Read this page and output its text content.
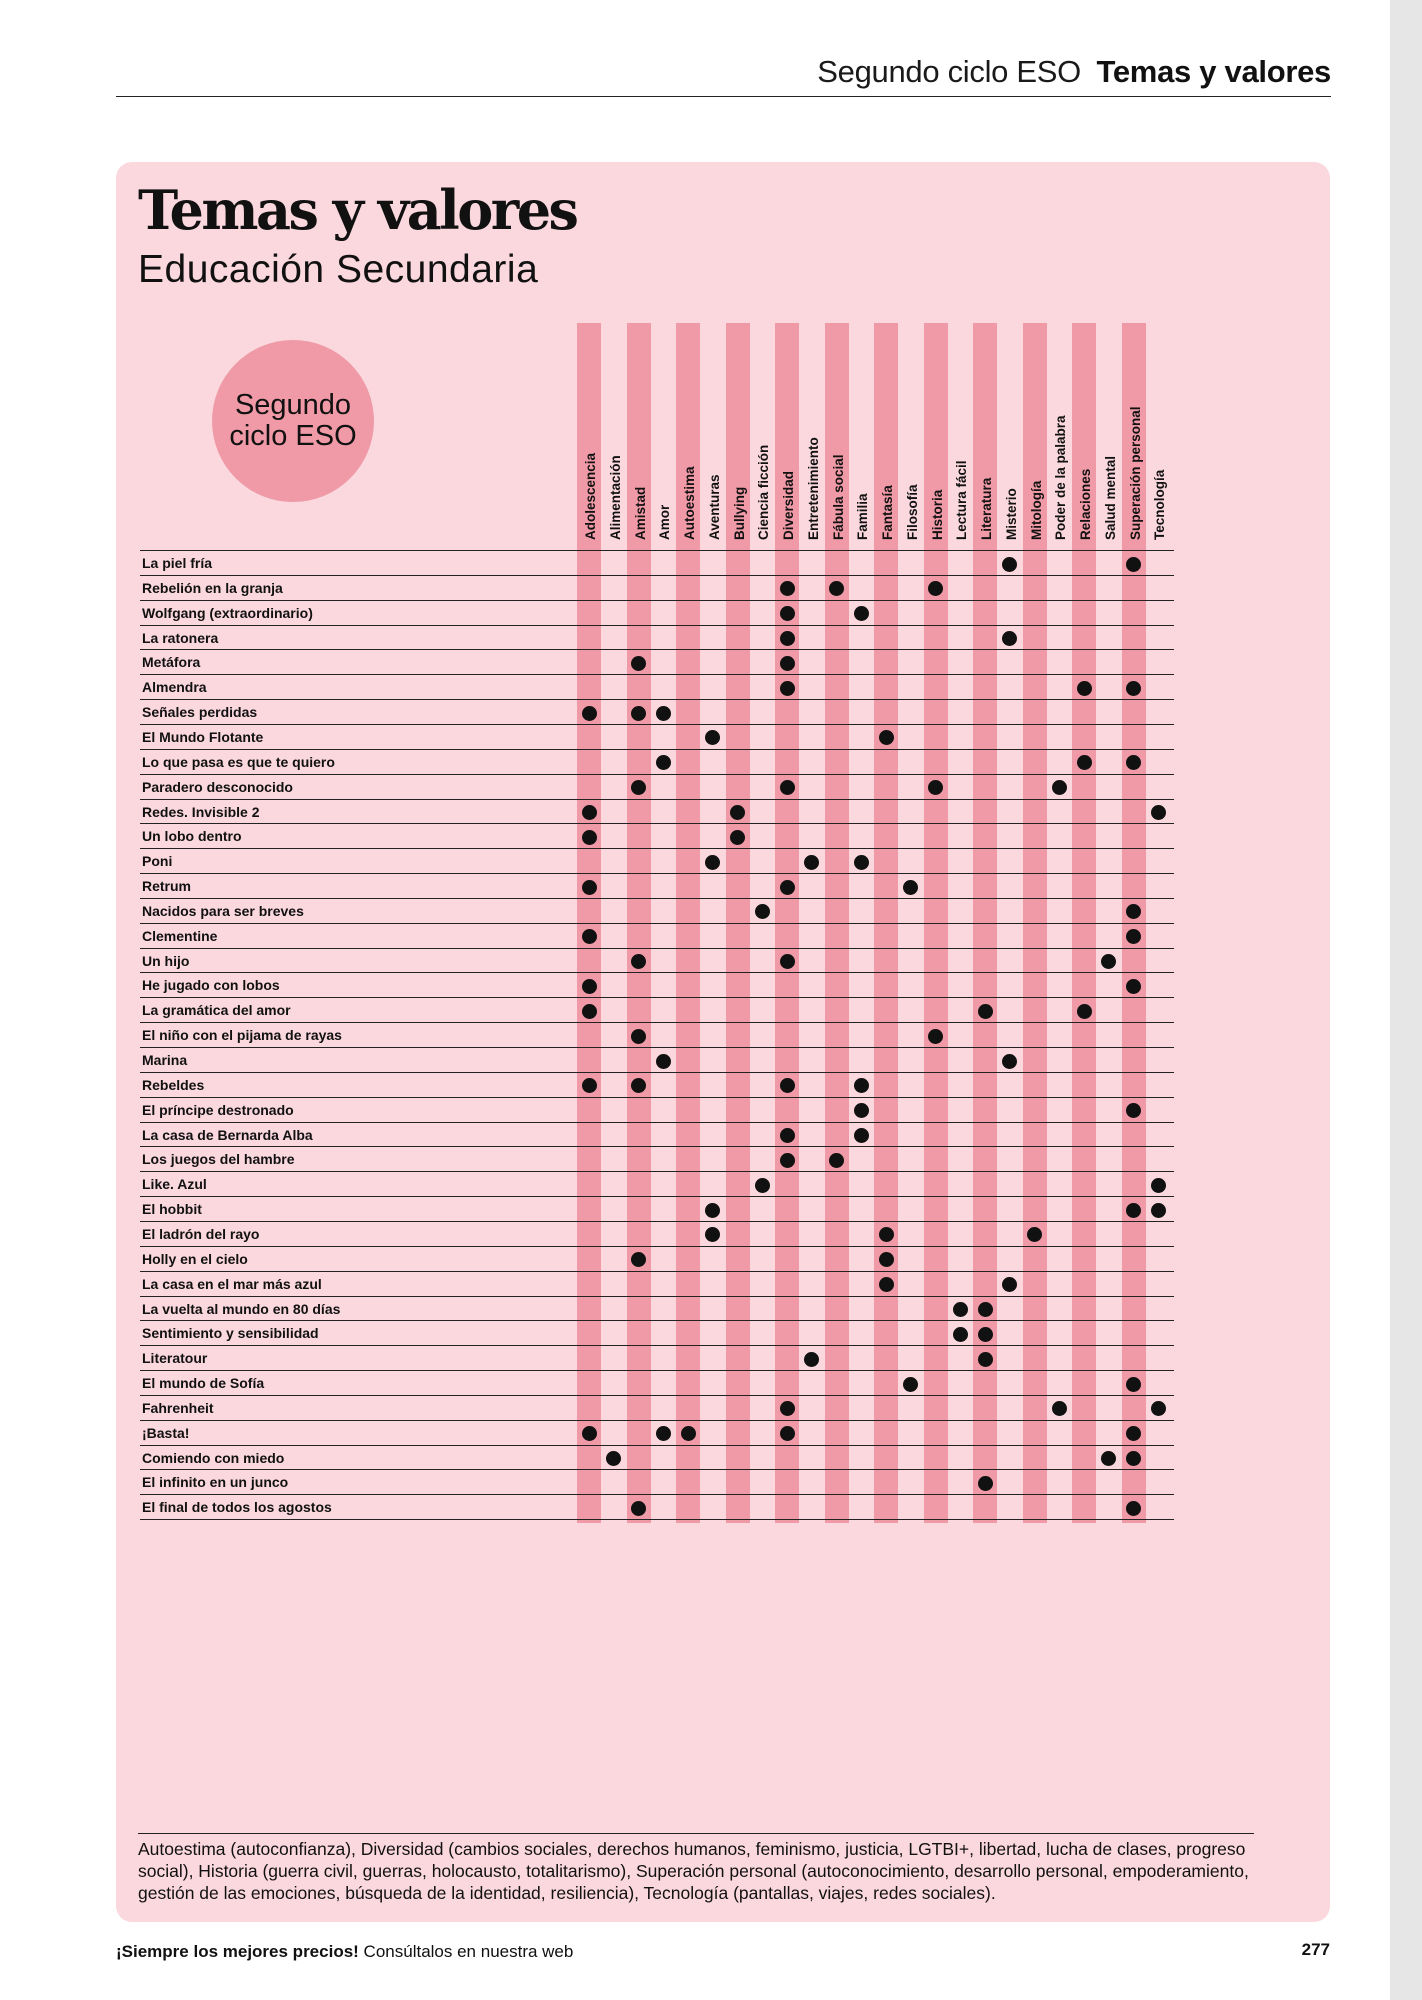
Segundo ciclo ESO Temas y valores
Temas y valores
Educación Secundaria
Segundo ciclo ESO
Adolescencia Alimentación Amistad Amor Autoestima Aventuras Bullying Ciencia ficción Diversidad Entretenimiento Fábula social Familia Fantasía Filosofía Historia Lectura fácil Literatura Misterio Mitología Poder de la palabra Relaciones Salud mental Superación personal Tecnología
La piel fría
Rebelión en la granja
Wolfgang (extraordinario)
La ratonera
Metáfora
Almendra
Señales perdidas
El Mundo Flotante
Lo que pasa es que te quiero
Paradero desconocido
Redes. Invisible 2
Un lobo dentro
Poni
Retrum
Nacidos para ser breves
Clementine
Un hijo
He jugado con lobos
La gramática del amor
El niño con el pijama de rayas
Marina
Rebeldes
El príncipe destronado
La casa de Bernarda Alba
Los juegos del hambre
Like. Azul
El hobbit
El ladrón del rayo
Holly en el cielo
La casa en el mar más azul
La vuelta al mundo en 80 días
Sentimiento y sensibilidad
Literatour
El mundo de Sofía
Fahrenheit
¡Basta!
Comiendo con miedo
El infinito en un junco
El final de todos los agostos
Autoestima (autoconfianza), Diversidad (cambios sociales, derechos humanos, feminismo, justicia, LGTBI+, libertad, lucha de clases, progreso social), Historia (guerra civil, guerras, holocausto, totalitarismo), Superación personal (autoconocimiento, desarrollo personal, empoderamiento, gestión de las emociones, búsqueda de la identidad, resiliencia), Tecnología (pantallas, viajes, redes sociales).
¡Siempre los mejores precios! Consúltalos en nuestra web	277
